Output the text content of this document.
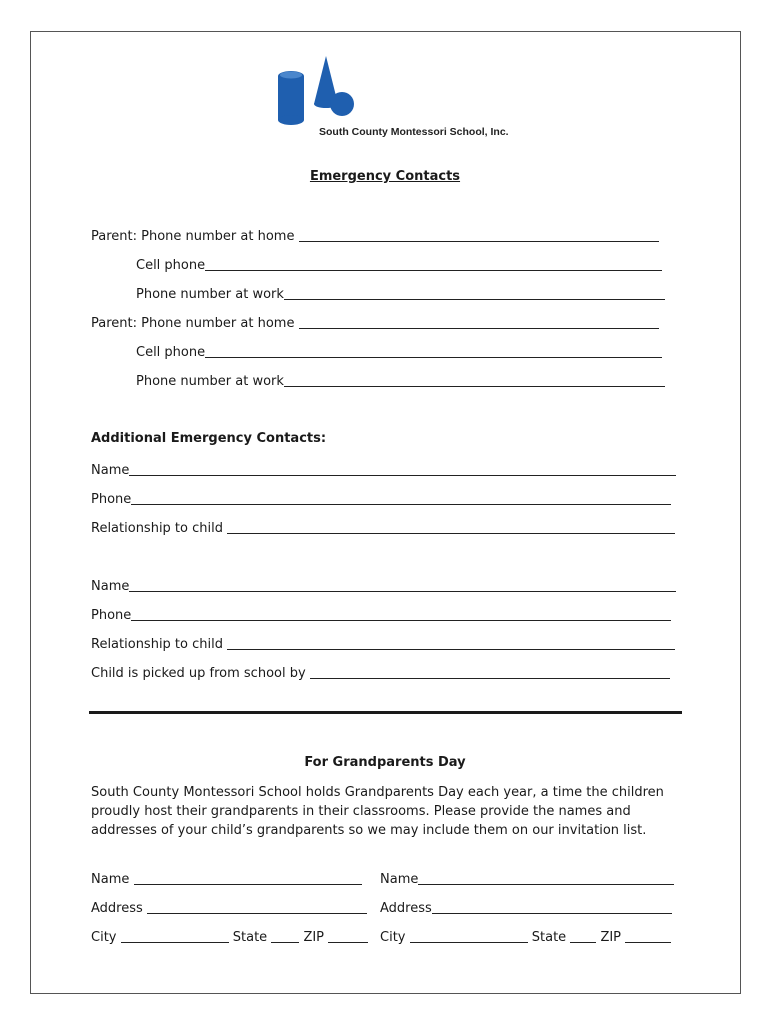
South County Montessori School, Inc.
Emergency Contacts
Parent: Phone number at home
Cell phone
Phone number at work
Parent: Phone number at home
Cell phone
Phone number at work
Additional Emergency Contacts:
Name
Phone
Relationship to child
Name
Phone
Relationship to child
Child is picked up from school by
For Grandparents Day
South County Montessori School holds Grandparents Day each year, a time the children proudly host their grandparents in their classrooms. Please provide the names and addresses of your child’s grandparents so we may include them on our invitation list.
Name
Address
City	State ZIP
Name
Address
City	State ZIP
